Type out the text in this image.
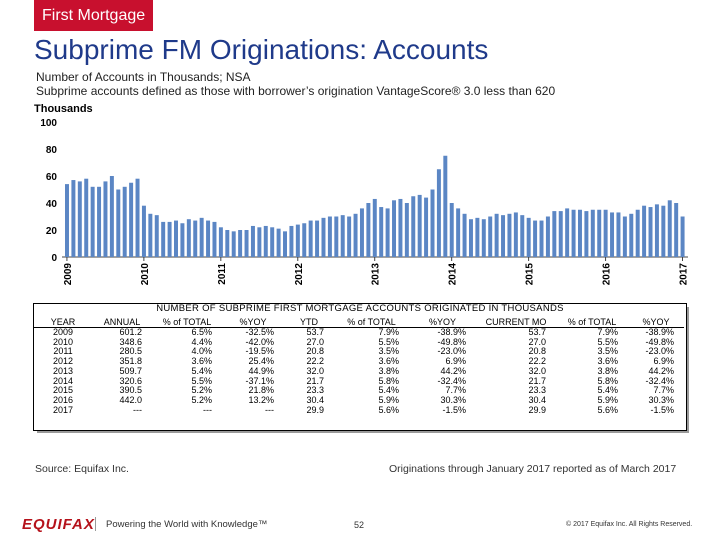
First Mortgage
Subprime FM Originations: Accounts
Number of Accounts in Thousands; NSA
Subprime accounts defined as those with borrower’s origination VantageScore® 3.0 less than 620
Thousands
0
20
40
60
80
100
2009	2010	2011	2012	2013	2014	2015	2016	2017
NUMBER OF SUBPRIME FIRST MORTGAGE ACCOUNTS ORIGINATED IN THOUSANDS
YEAR	ANNUAL	% of TOTAL	%YOY	YTD	% of TOTAL	%YOY	CURRENT MO	% of TOTAL	%YOY
2009	601.2	6.5%	-32.5%	53.7	7.9%	-38.9%	53.7	7.9%	-38.9%
2010	348.6	4.4%	-42.0%	27.0	5.5%	-49.8%	27.0	5.5%	-49.8%
2011	280.5	4.0%	-19.5%	20.8	3.5%	-23.0%	20.8	3.5%	-23.0%
2012	351.8	3.6%	25.4%	22.2	3.6%	6.9%	22.2	3.6%	6.9%
2013	509.7	5.4%	44.9%	32.0	3.8%	44.2%	32.0	3.8%	44.2%
2014	320.6	5.5%	-37.1%	21.7	5.8%	-32.4%	21.7	5.8%	-32.4%
2015	390.5	5.2%	21.8%	23.3	5.4%	7.7%	23.3	5.4%	7.7%
2016	442.0	5.2%	13.2%	30.4	5.9%	30.3%	30.4	5.9%	30.3%
2017	---	---	---	29.9	5.6%	-1.5%	29.9	5.6%	-1.5%
Source: Equifax Inc.	Originations through January 2017 reported as of March 2017
EQUIFAX Powering the World with Knowledge™	52	© 2017 Equifax Inc. All Rights Reserved.
